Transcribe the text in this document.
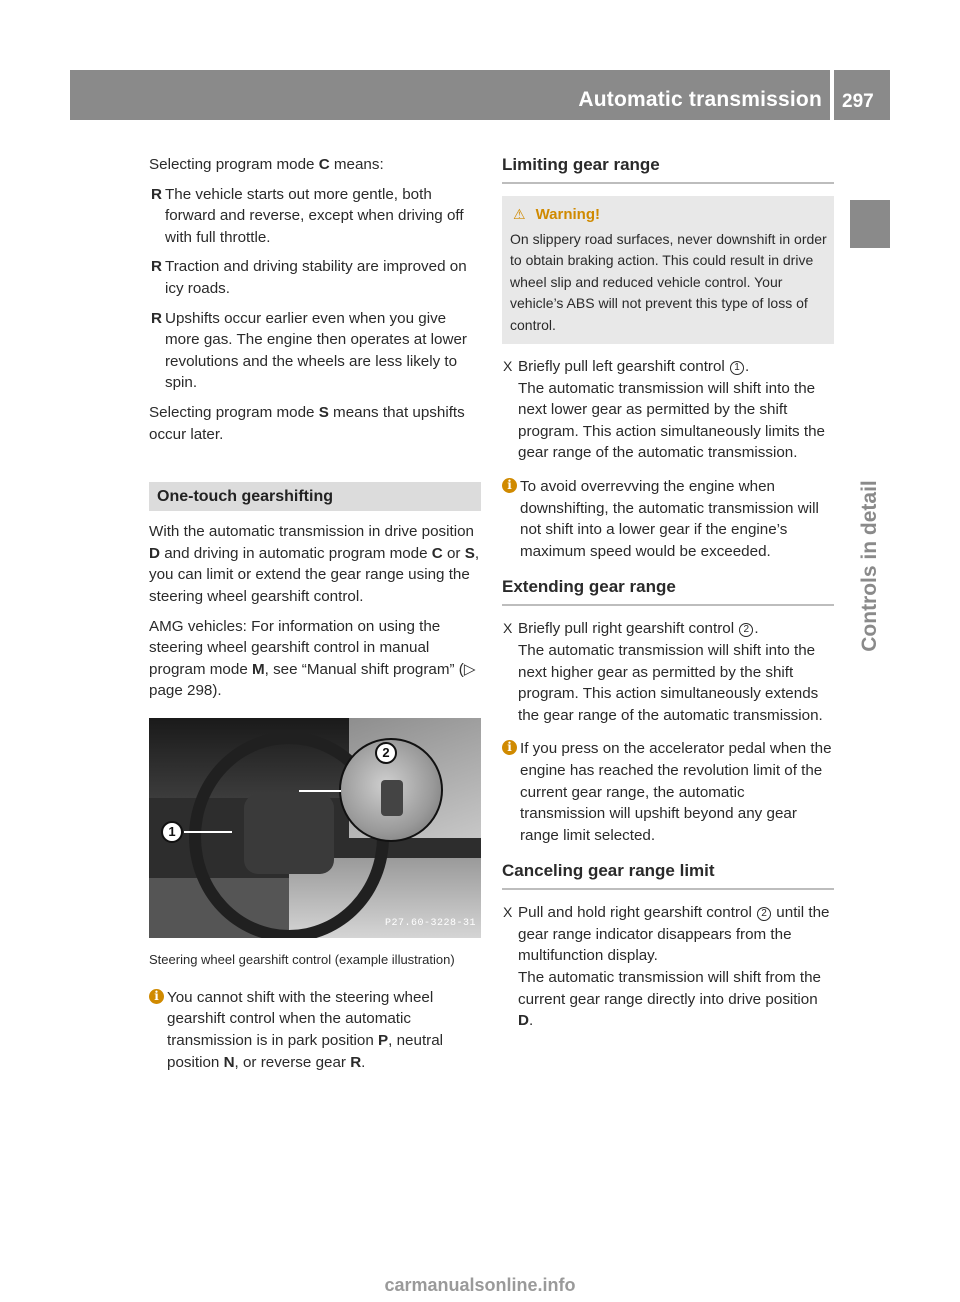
Automatic transmission 297
Controls in detail

Selecting program mode C means:

R The vehicle starts out more gentle, both forward and reverse, except when driving off with full throttle.
R Traction and driving stability are improved on icy roads.
R Upshifts occur earlier even when you give more gas. The engine then operates at lower revolutions and the wheels are less likely to spin.

Selecting program mode S means that upshifts occur later.

One-touch gearshifting

With the automatic transmission in drive position D and driving in automatic program mode C or S, you can limit or extend the gear range using the steering wheel gearshift control.

AMG vehicles: For information on using the steering wheel gearshift control in manual program mode M, see “Manual shift program” (▷ page 298).

1
2
P27.60-3228-31

Steering wheel gearshift control (example illustration)

i You cannot shift with the steering wheel gearshift control when the automatic transmission is in park position P, neutral position N, or reverse gear R.
Limiting gear range
⚠ Warning!

On slippery road surfaces, never downshift in order to obtain braking action. This could result in drive wheel slip and reduced vehicle control. Your vehicle’s ABS will not prevent this type of loss of control.

X Briefly pull left gearshift control 1 .
The automatic transmission will shift into the next lower gear as permitted by the shift program. This action simultaneously limits the gear range of the automatic transmission.
i To avoid overrevving the engine when downshifting, the automatic transmission will not shift into a lower gear if the engine’s maximum speed would be exceeded.
Extending gear range
X Briefly pull right gearshift control 2 .
The automatic transmission will shift into the next higher gear as permitted by the shift program. This action simultaneously extends the gear range of the automatic transmission.
i If you press on the accelerator pedal when the engine has reached the revolution limit of the current gear range, the automatic transmission will upshift beyond any gear range limit selected.
Canceling gear range limit
X Pull and hold right gearshift control 2 until the gear range indicator disappears from the multifunction display.
The automatic transmission will shift from the current gear range directly into drive position D.
carmanualsonline.info
